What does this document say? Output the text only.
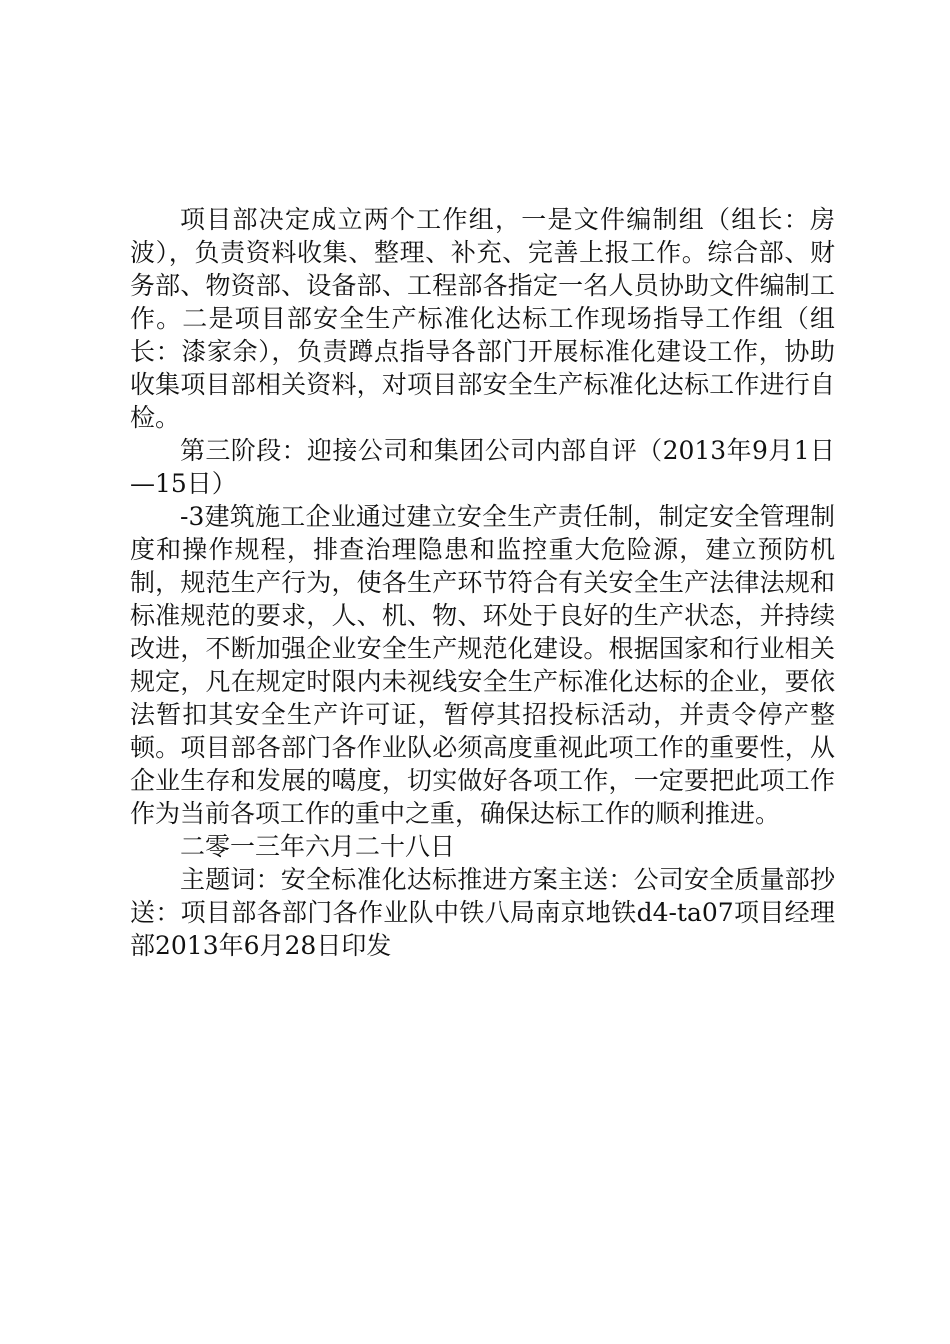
项目部决定成立两个工作组，一是文件编制组（组长：房波），负责资料收集、整理、补充、完善上报工作。综合部、财务部、物资部、设备部、工程部各指定一名人员协助文件编制工作。二是项目部安全生产标准化达标工作现场指导工作组（组长：漆家余），负责蹲点指导各部门开展标准化建设工作，协助收集项目部相关资料，对项目部安全生产标准化达标工作进行自检。

第三阶段：迎接公司和集团公司内部自评（2013年9月1日—15日）

-3建筑施工企业通过建立安全生产责任制，制定安全管理制度和操作规程，排查治理隐患和监控重大危险源，建立预防机制，规范生产行为，使各生产环节符合有关安全生产法律法规和标准规范的要求，人、机、物、环处于良好的生产状态，并持续改进，不断加强企业安全生产规范化建设。根据国家和行业相关规定，凡在规定时限内未视线安全生产标准化达标的企业，要依法暂扣其安全生产许可证，暂停其招投标活动，并责令停产整顿。项目部各部门各作业队必须高度重视此项工作的重要性，从企业生存和发展的噶度，切实做好各项工作，一定要把此项工作作为当前各项工作的重中之重，确保达标工作的顺利推进。

二零一三年六月二十八日

主题词：安全标准化达标推进方案主送：公司安全质量部抄送：项目部各部门各作业队中铁八局南京地铁d4-ta07项目经理部2013年6月28日印发
